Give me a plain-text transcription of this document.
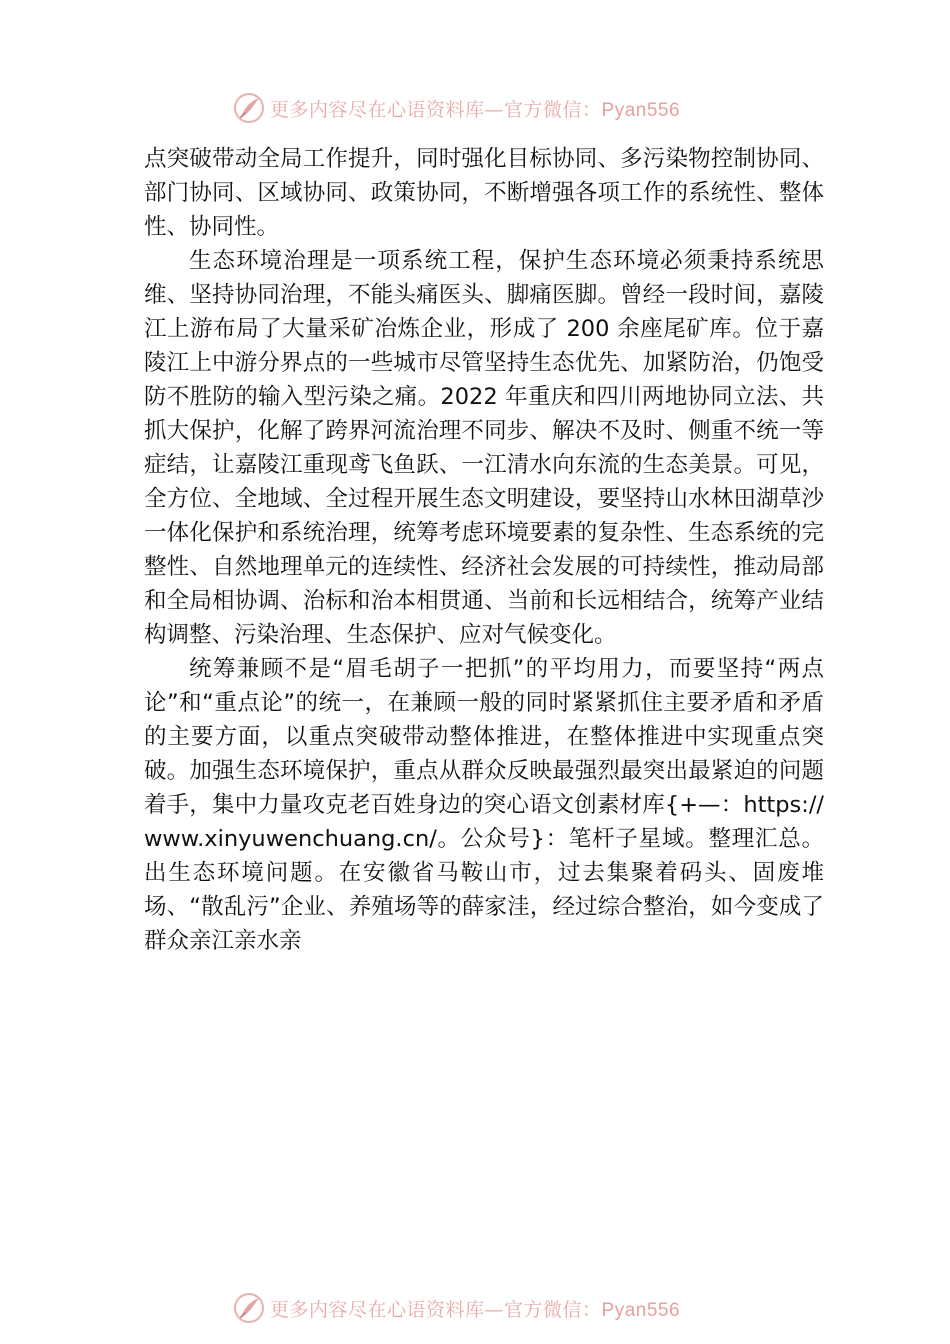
更多内容尽在心语资料库—官方微信：Pyan556

点突破带动全局工作提升，同时强化目标协同、多污染物控制协同、部门协同、区域协同、政策协同，不断增强各项工作的系统性、整体性、协同性。

生态环境治理是一项系统工程，保护生态环境必须秉持系统思维、坚持协同治理，不能头痛医头、脚痛医脚。曾经一段时间，嘉陵江上游布局了大量采矿冶炼企业，形成了 200 余座尾矿库。位于嘉陵江上中游分界点的一些城市尽管坚持生态优先、加紧防治，仍饱受防不胜防的输入型污染之痛。2022 年重庆和四川两地协同立法、共抓大保护，化解了跨界河流治理不同步、解决不及时、侧重不统一等症结，让嘉陵江重现鸢飞鱼跃、一江清水向东流的生态美景。可见，全方位、全地域、全过程开展生态文明建设，要坚持山水林田湖草沙一体化保护和系统治理，统筹考虑环境要素的复杂性、生态系统的完整性、自然地理单元的连续性、经济社会发展的可持续性，推动局部和全局相协调、治标和治本相贯通、当前和长远相结合，统筹产业结构调整、污染治理、生态保护、应对气候变化。

统筹兼顾不是“眉毛胡子一把抓”的平均用力，而要坚持“两点论”和“重点论”的统一，在兼顾一般的同时紧紧抓住主要矛盾和矛盾的主要方面，以重点突破带动整体推进，在整体推进中实现重点突破。加强生态环境保护，重点从群众反映最强烈最突出最紧迫的问题着手，集中力量攻克老百姓身边的突心语文创素材库{+—：https://www.xinyuwenchuang.cn/。公众号}：笔杆子星域。整理汇总。出生态环境问题。在安徽省马鞍山市，过去集聚着码头、固废堆场、“散乱污”企业、养殖场等的薛家洼，经过综合整治，如今变成了群众亲江亲水亲

更多内容尽在心语资料库—官方微信：Pyan556
